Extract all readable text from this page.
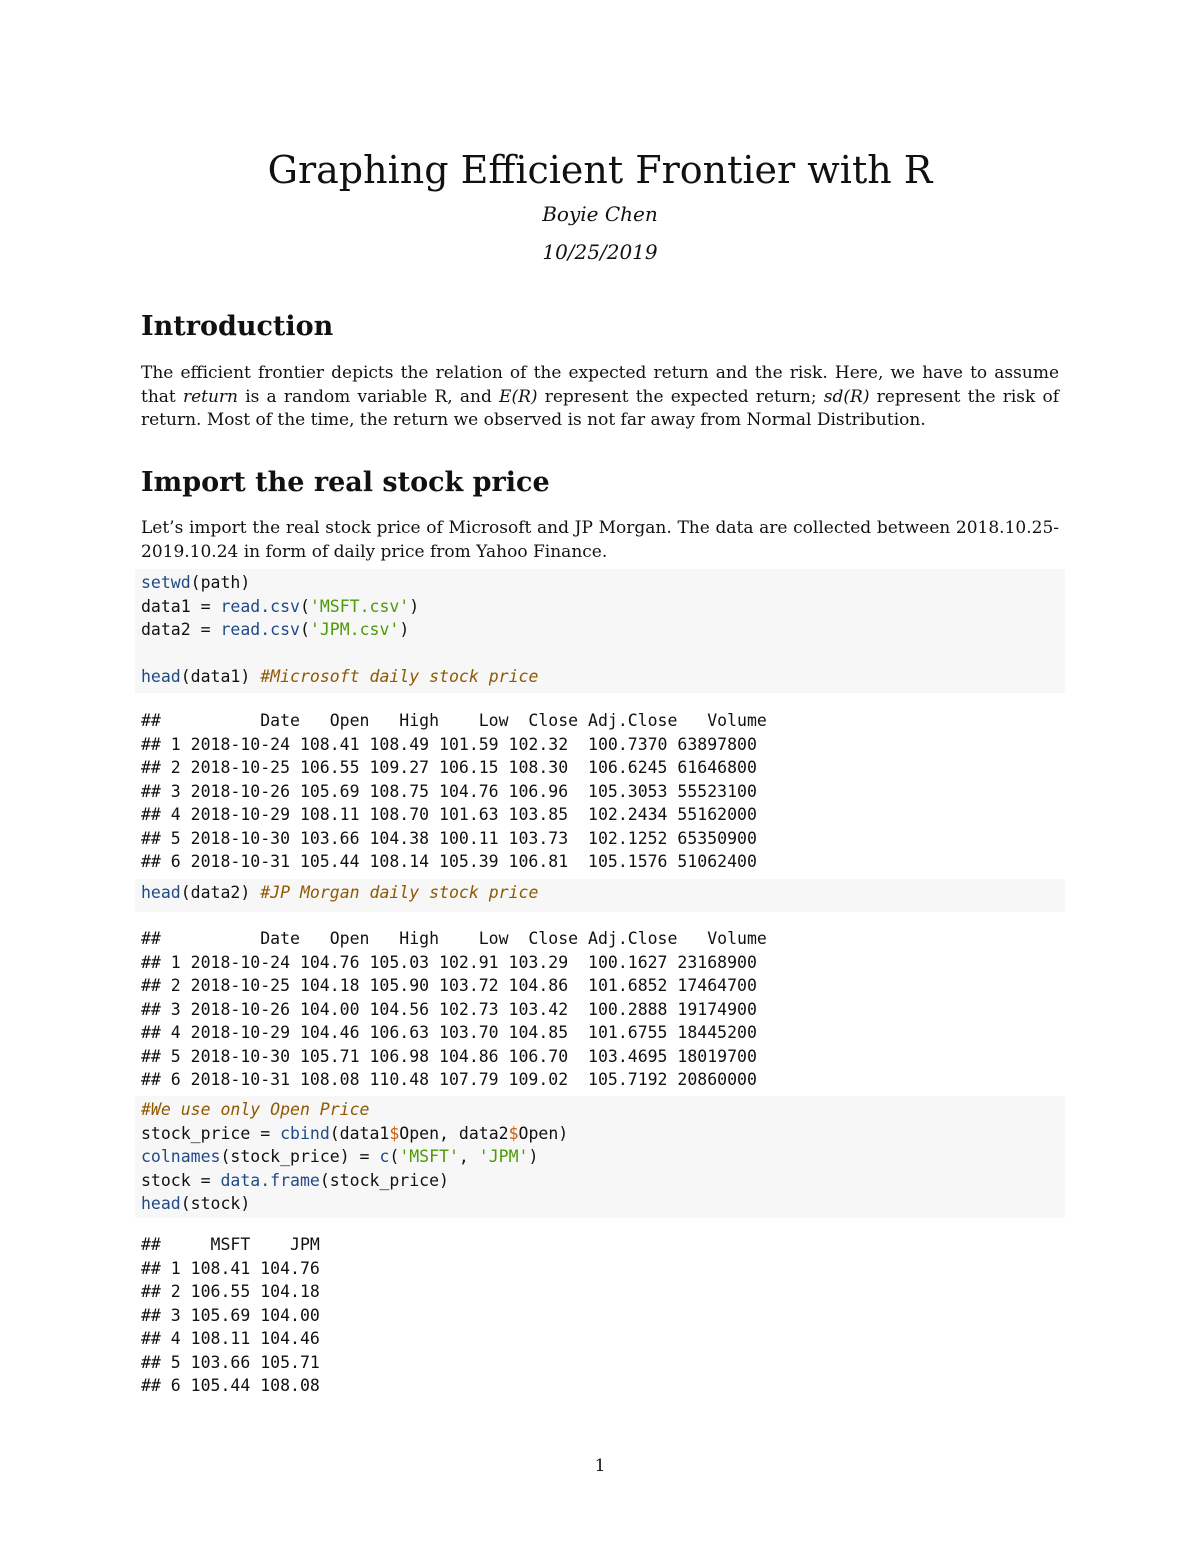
Graphing Efficient Frontier with R
Boyie Chen
10/25/2019
Introduction
The efficient frontier depicts the relation of the expected return and the risk. Here, we have to assume that return is a random variable R, and E(R) represent the expected return; sd(R) represent the risk of return. Most of the time, the return we observed is not far away from Normal Distribution.
Import the real stock price
Let’s import the real stock price of Microsoft and JP Morgan. The data are collected between 2018.10.25-2019.10.24 in form of daily price from Yahoo Finance.
setwd(path)
data1 = read.csv('MSFT.csv')
data2 = read.csv('JPM.csv')
head(data1) #Microsoft daily stock price
##          Date   Open   High    Low  Close Adj.Close   Volume
## 1 2018-10-24 108.41 108.49 101.59 102.32  100.7370 63897800
## 2 2018-10-25 106.55 109.27 106.15 108.30  106.6245 61646800
## 3 2018-10-26 105.69 108.75 104.76 106.96  105.3053 55523100
## 4 2018-10-29 108.11 108.70 101.63 103.85  102.2434 55162000
## 5 2018-10-30 103.66 104.38 100.11 103.73  102.1252 65350900
## 6 2018-10-31 105.44 108.14 105.39 106.81  105.1576 51062400
head(data2) #JP Morgan daily stock price
##          Date   Open   High    Low  Close Adj.Close   Volume
## 1 2018-10-24 104.76 105.03 102.91 103.29  100.1627 23168900
## 2 2018-10-25 104.18 105.90 103.72 104.86  101.6852 17464700
## 3 2018-10-26 104.00 104.56 102.73 103.42  100.2888 19174900
## 4 2018-10-29 104.46 106.63 103.70 104.85  101.6755 18445200
## 5 2018-10-30 105.71 106.98 104.86 106.70  103.4695 18019700
## 6 2018-10-31 108.08 110.48 107.79 109.02  105.7192 20860000
#We use only Open Price
stock_price = cbind(data1$Open, data2$Open)
colnames(stock_price) = c('MSFT', 'JPM')
stock = data.frame(stock_price)
head(stock)
##     MSFT    JPM
## 1 108.41 104.76
## 2 106.55 104.18
## 3 105.69 104.00
## 4 108.11 104.46
## 5 103.66 105.71
## 6 105.44 108.08
1
